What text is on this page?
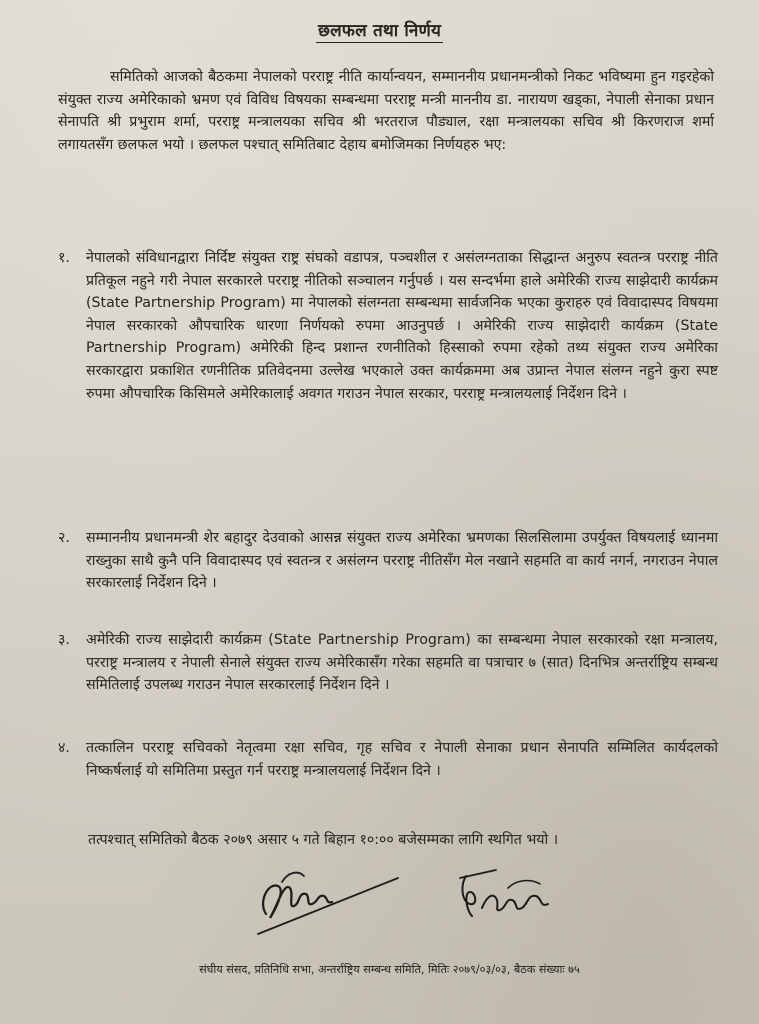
छलफल तथा निर्णय
समितिको आजको बैठकमा नेपालको परराष्ट्र नीति कार्यान्वयन, सम्माननीय प्रधानमन्त्रीको निकट भविष्यमा हुन गइरहेको संयुक्त राज्य अमेरिकाको भ्रमण एवं विविध विषयका सम्बन्धमा परराष्ट्र मन्त्री माननीय डा. नारायण खड्का, नेपाली सेनाका प्रधान सेनापति श्री प्रभुराम शर्मा, परराष्ट्र मन्त्रालयका सचिव श्री भरतराज पौड्याल, रक्षा मन्त्रालयका सचिव श्री किरणराज शर्मा लगायतसँग छलफल भयो । छलफल पश्चात् समितिबाट देहाय बमोजिमका निर्णयहरु भए:
१.	नेपालको संविधानद्वारा निर्दिष्ट संयुक्त राष्ट्र संघको वडापत्र, पञ्चशील र असंलग्नताका सिद्धान्त अनुरुप स्वतन्त्र परराष्ट्र नीति प्रतिकूल नहुने गरी नेपाल सरकारले परराष्ट्र नीतिको सञ्चालन गर्नुपर्छ । यस सन्दर्भमा हाले अमेरिकी राज्य साझेदारी कार्यक्रम (State Partnership Program) मा नेपालको संलग्नता सम्बन्धमा सार्वजनिक भएका कुराहरु एवं विवादास्पद विषयमा नेपाल सरकारको औपचारिक धारणा निर्णयको रुपमा आउनुपर्छ । अमेरिकी राज्य साझेदारी कार्यक्रम (State Partnership Program) अमेरिकी हिन्द प्रशान्त रणनीतिको हिस्साको रुपमा रहेको तथ्य संयुक्त राज्य अमेरिका सरकारद्वारा प्रकाशित रणनीतिक प्रतिवेदनमा उल्लेख भएकाले उक्त कार्यक्रममा अब उप्रान्त नेपाल संलग्न नहुने कुरा स्पष्ट रुपमा औपचारिक किसिमले अमेरिकालाई अवगत गराउन नेपाल सरकार, परराष्ट्र मन्त्रालयलाई निर्देशन दिने ।
२.	सम्माननीय प्रधानमन्त्री शेर बहादुर देउवाको आसन्न संयुक्त राज्य अमेरिका भ्रमणका सिलसिलामा उपर्युक्त विषयलाई ध्यानमा राख्नुका साथै कुनै पनि विवादास्पद एवं स्वतन्त्र र असंलग्न परराष्ट्र नीतिसँग मेल नखाने सहमति वा कार्य नगर्न, नगराउन नेपाल सरकारलाई निर्देशन दिने ।
३.	अमेरिकी राज्य साझेदारी कार्यक्रम (State Partnership Program) का सम्बन्धमा नेपाल सरकारको रक्षा मन्त्रालय, परराष्ट्र मन्त्रालय र नेपाली सेनाले संयुक्त राज्य अमेरिकासँग गरेका सहमति वा पत्राचार ७ (सात) दिनभित्र अन्तर्राष्ट्रिय सम्बन्ध समितिलाई उपलब्ध गराउन नेपाल सरकारलाई निर्देशन दिने ।
४.	तत्कालिन परराष्ट्र सचिवको नेतृत्वमा रक्षा सचिव, गृह सचिव र नेपाली सेनाका प्रधान सेनापति सम्मिलित कार्यदलको निष्कर्षलाई यो समितिमा प्रस्तुत गर्न परराष्ट्र मन्त्रालयलाई निर्देशन दिने ।
तत्पश्चात् समितिको बैठक २०७९ असार ५ गते बिहान १०:०० बजेसम्मका लागि स्थगित भयो ।
संघीय संसद, प्रतिनिधि सभा, अन्तर्राष्ट्रिय सम्बन्ध समिति, मितिः २०७९/०३/०३, बैठक संख्याः ७५
